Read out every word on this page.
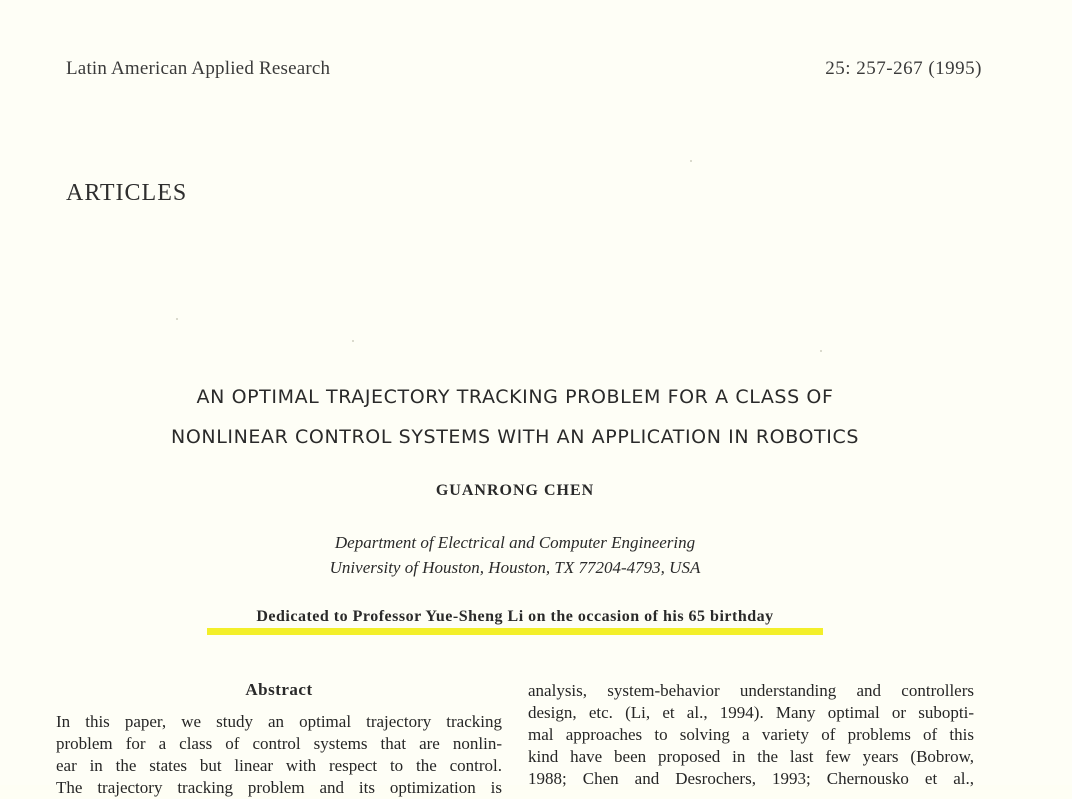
Latin American Applied Research	25: 257-267 (1995)
ARTICLES
AN OPTIMAL TRAJECTORY TRACKING PROBLEM FOR A CLASS OF
NONLINEAR CONTROL SYSTEMS WITH AN APPLICATION IN ROBOTICS
GUANRONG CHEN
Department of Electrical and Computer Engineering
University of Houston, Houston, TX 77204-4793, USA
Dedicated to Professor Yue-Sheng Li on the occasion of his 65 birthday
Abstract
In this paper, we study an optimal trajectory tracking
problem for a class of control systems that are nonlin-
ear in the states but linear with respect to the control.
The trajectory tracking problem and its optimization is
analysis, system-behavior understanding and controllers
design, etc. (Li, et al., 1994). Many optimal or subopti-
mal approaches to solving a variety of problems of this
kind have been proposed in the last few years (Bobrow,
1988; Chen and Desrochers, 1993; Chernousko et al.,
